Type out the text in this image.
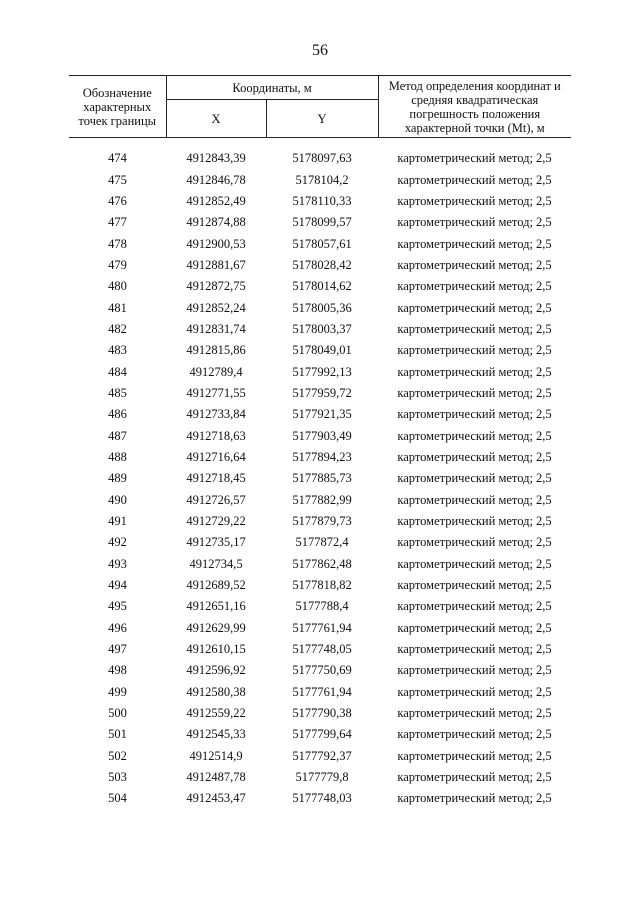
56
Обозначение характерных точек границы	Координаты, м		Метод определения координат и средняя квадратическая погрешность положения характерной точки (Mt), м
	X	Y	
474	4912843,39	5178097,63	картометрический метод; 2,5
475	4912846,78	5178104,2	картометрический метод; 2,5
476	4912852,49	5178110,33	картометрический метод; 2,5
477	4912874,88	5178099,57	картометрический метод; 2,5
478	4912900,53	5178057,61	картометрический метод; 2,5
479	4912881,67	5178028,42	картометрический метод; 2,5
480	4912872,75	5178014,62	картометрический метод; 2,5
481	4912852,24	5178005,36	картометрический метод; 2,5
482	4912831,74	5178003,37	картометрический метод; 2,5
483	4912815,86	5178049,01	картометрический метод; 2,5
484	4912789,4	5177992,13	картометрический метод; 2,5
485	4912771,55	5177959,72	картометрический метод; 2,5
486	4912733,84	5177921,35	картометрический метод; 2,5
487	4912718,63	5177903,49	картометрический метод; 2,5
488	4912716,64	5177894,23	картометрический метод; 2,5
489	4912718,45	5177885,73	картометрический метод; 2,5
490	4912726,57	5177882,99	картометрический метод; 2,5
491	4912729,22	5177879,73	картометрический метод; 2,5
492	4912735,17	5177872,4	картометрический метод; 2,5
493	4912734,5	5177862,48	картометрический метод; 2,5
494	4912689,52	5177818,82	картометрический метод; 2,5
495	4912651,16	5177788,4	картометрический метод; 2,5
496	4912629,99	5177761,94	картометрический метод; 2,5
497	4912610,15	5177748,05	картометрический метод; 2,5
498	4912596,92	5177750,69	картометрический метод; 2,5
499	4912580,38	5177761,94	картометрический метод; 2,5
500	4912559,22	5177790,38	картометрический метод; 2,5
501	4912545,33	5177799,64	картометрический метод; 2,5
502	4912514,9	5177792,37	картометрический метод; 2,5
503	4912487,78	5177779,8	картометрический метод; 2,5
504	4912453,47	5177748,03	картометрический метод; 2,5
